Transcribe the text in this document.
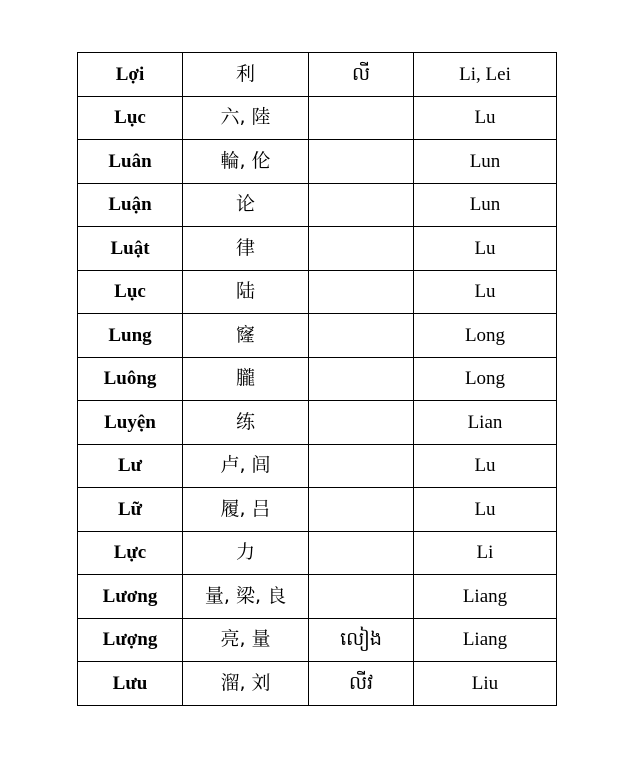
Lợi	利	លី	Li, Lei
Lục	六, 陸		Lu
Luân	輪, 伦		Lun
Luận	论		Lun
Luật	律		Lu
Lục	陆		Lu
Lung	窿		Long
Luông	朧		Long
Luyện	练		Lian
Lư	卢, 闾		Lu
Lữ	履, 吕		Lu
Lực	力		Li
Lương	量, 梁, 良		Liang
Lượng	亮, 量	លៀង	Liang
Lưu	溜, 刘	លីវ	Liu
